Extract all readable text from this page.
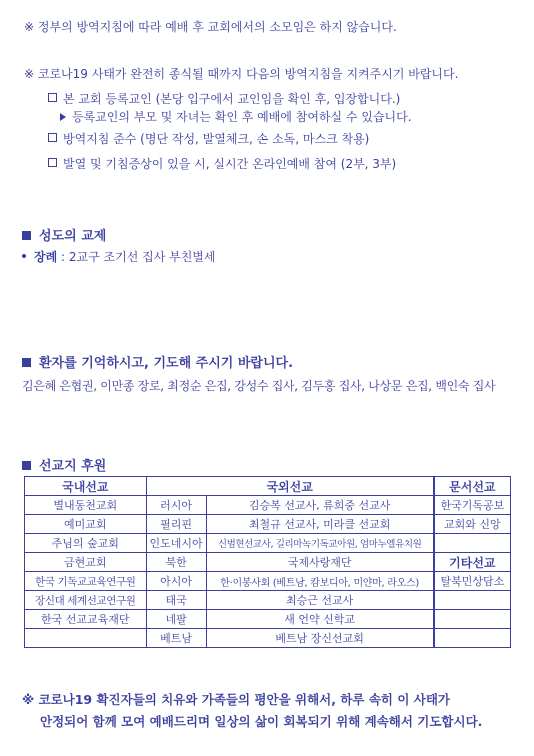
※ 정부의 방역지침에 따라 예배 후 교회에서의 소모임은 하지 않습니다.
※ 코로나19 사태가 완전히 종식될 때까지 다음의 방역지침을 지켜주시기 바랍니다.
본 교회 등록교인 (본당 입구에서 교인임을 확인 후, 입장합니다.)
등록교인의 부모 및 자녀는 확인 후 예배에 참여하실 수 있습니다.
방역지침 준수 (명단 작성, 발열체크, 손 소독, 마스크 착용)
발열 및 기침증상이 있을 시, 실시간 온라인예배 참여 (2부, 3부)
성도의 교제
장례 : 2교구 조기선 집사 부친별세
환자를 기억하시고, 기도해 주시기 바랍니다.
김은혜 은협권, 이만종 장로, 최정순 은집, 강성수 집사, 김두홍 집사, 나상문 은집, 백인숙 집사
선교지 후원
국내선교	국외선교		문서선교
별내동천교회	러시아	김승복 선교사, 류희중 선교사	한국기독공보
예미교회	필리핀	최철규 선교사, 미라클 선교회	교회와 신앙
주님의 숲교회	인도네시아	신범현선교사, 길리마녹기독교아원, 엄마누엘유치원	
금현교회	북한	국제사랑재단	기타선교
한국 기독교교육연구원	아시아	한·이봉사회 (베트남, 캄보디아, 미얀마, 라오스)	탈북민상담소
장신대 세계선교연구원	태국	최승근 선교사	
한국 선교교육재단	네팔	새 언약 신학교	
	베트남	베트남 장신선교회	
※ 코로나19 확진자들의 치유와 가족들의 평안을 위해서, 하루 속히 이 사태가
안정되어 함께 모여 예배드리며 일상의 삶이 회복되기 위해 계속해서 기도합시다.
